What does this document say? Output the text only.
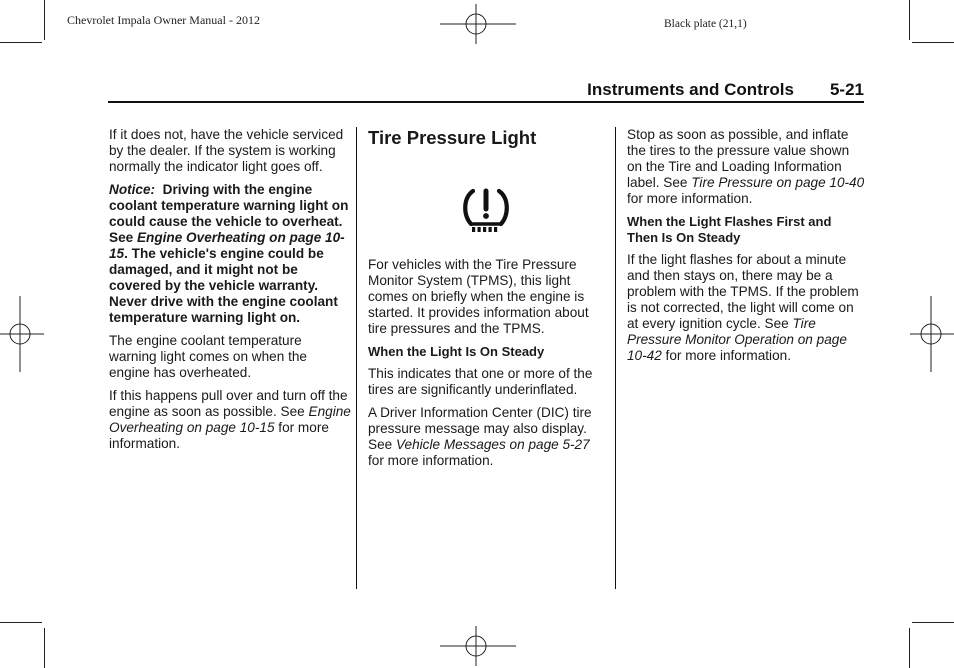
Chevrolet Impala Owner Manual - 2012	Black plate (21,1)
Instruments and Controls 5-21

If it does not, have the vehicle serviced by the dealer. If the system is working normally the indicator light goes off.

Notice: Driving with the engine coolant temperature warning light on could cause the vehicle to overheat. See Engine Overheating on page 10-15. The vehicle's engine could be damaged, and it might not be covered by the vehicle warranty. Never drive with the engine coolant temperature warning light on.

The engine coolant temperature warning light comes on when the engine has overheated.

If this happens pull over and turn off the engine as soon as possible. See Engine Overheating on page 10-15 for more information.

Tire Pressure Light

For vehicles with the Tire Pressure Monitor System (TPMS), this light comes on briefly when the engine is started. It provides information about tire pressures and the TPMS.

When the Light Is On Steady

This indicates that one or more of the tires are significantly underinflated.

A Driver Information Center (DIC) tire pressure message may also display. See Vehicle Messages on page 5-27 for more information.

Stop as soon as possible, and inflate the tires to the pressure value shown on the Tire and Loading Information label. See Tire Pressure on page 10-40 for more information.

When the Light Flashes First and Then Is On Steady

If the light flashes for about a minute and then stays on, there may be a problem with the TPMS. If the problem is not corrected, the light will come on at every ignition cycle. See Tire Pressure Monitor Operation on page 10-42 for more information.
